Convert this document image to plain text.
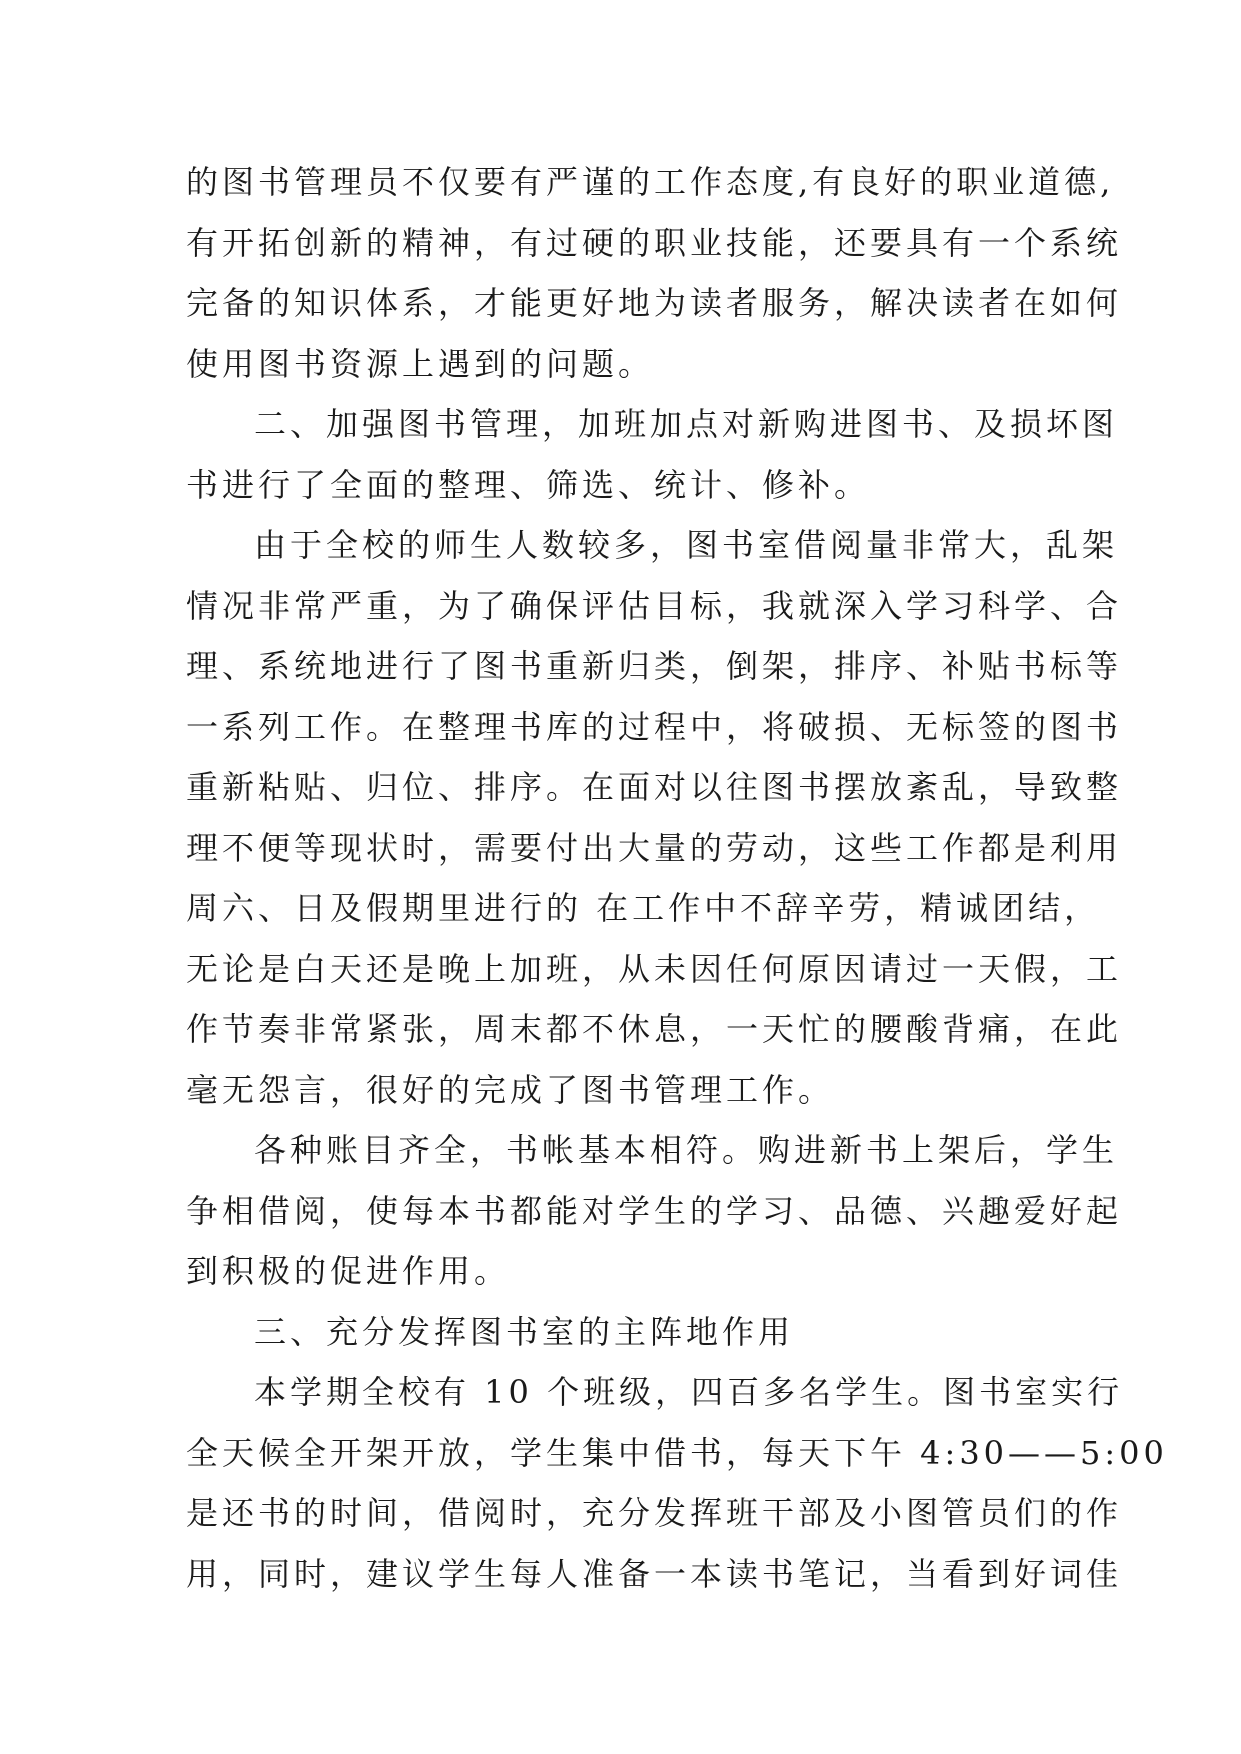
的图书管理员不仅要有严谨的工作态度,有良好的职业道德,
有开拓创新的精神，有过硬的职业技能，还要具有一个系统
完备的知识体系，才能更好地为读者服务，解决读者在如何
使用图书资源上遇到的问题。
二、加强图书管理，加班加点对新购进图书、及损坏图
书进行了全面的整理、筛选、统计、修补。
由于全校的师生人数较多，图书室借阅量非常大，乱架
情况非常严重，为了确保评估目标，我就深入学习科学、合
理、系统地进行了图书重新归类，倒架，排序、补贴书标等
一系列工作。在整理书库的过程中，将破损、无标签的图书
重新粘贴、归位、排序。在面对以往图书摆放紊乱，导致整
理不便等现状时，需要付出大量的劳动，这些工作都是利用
周六、日及假期里进行的 在工作中不辞辛劳，精诚团结，
无论是白天还是晚上加班，从未因任何原因请过一天假，工
作节奏非常紧张，周末都不休息，一天忙的腰酸背痛，在此
毫无怨言，很好的完成了图书管理工作。
各种账目齐全，书帐基本相符。购进新书上架后，学生
争相借阅，使每本书都能对学生的学习、品德、兴趣爱好起
到积极的促进作用。
三、充分发挥图书室的主阵地作用
本学期全校有 10 个班级，四百多名学生。图书室实行
全天候全开架开放，学生集中借书，每天下午 4:30——5:00
是还书的时间，借阅时，充分发挥班干部及小图管员们的作
用，同时，建议学生每人准备一本读书笔记，当看到好词佳
